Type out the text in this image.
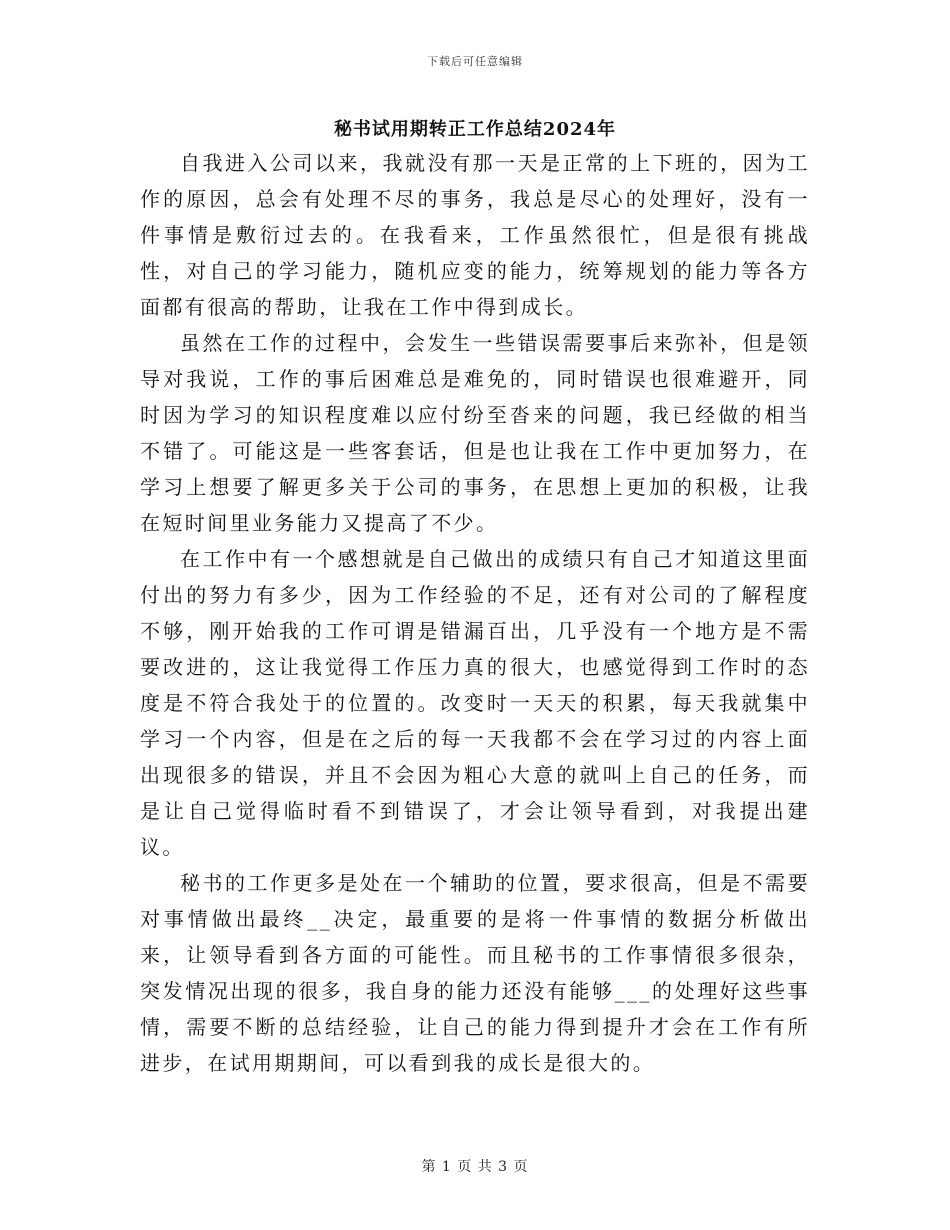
下载后可任意编辑
秘书试用期转正工作总结2024年

自我进入公司以来，我就没有那一天是正常的上下班的，因为工作的原因，总会有处理不尽的事务，我总是尽心的处理好，没有一件事情是敷衍过去的。在我看来，工作虽然很忙，但是很有挑战性，对自己的学习能力，随机应变的能力，统筹规划的能力等各方面都有很高的帮助，让我在工作中得到成长。

虽然在工作的过程中，会发生一些错误需要事后来弥补，但是领导对我说，工作的事后困难总是难免的，同时错误也很难避开，同时因为学习的知识程度难以应付纷至沓来的问题，我已经做的相当不错了。可能这是一些客套话，但是也让我在工作中更加努力，在学习上想要了解更多关于公司的事务，在思想上更加的积极，让我在短时间里业务能力又提高了不少。

在工作中有一个感想就是自己做出的成绩只有自己才知道这里面付出的努力有多少，因为工作经验的不足，还有对公司的了解程度不够，刚开始我的工作可谓是错漏百出，几乎没有一个地方是不需要改进的，这让我觉得工作压力真的很大，也感觉得到工作时的态度是不符合我处于的位置的。改变时一天天的积累，每天我就集中学习一个内容，但是在之后的每一天我都不会在学习过的内容上面出现很多的错误，并且不会因为粗心大意的就叫上自己的任务，而是让自己觉得临时看不到错误了，才会让领导看到，对我提出建议。

秘书的工作更多是处在一个辅助的位置，要求很高，但是不需要对事情做出最终__决定，最重要的是将一件事情的数据分析做出来，让领导看到各方面的可能性。而且秘书的工作事情很多很杂，突发情况出现的很多，我自身的能力还没有能够___的处理好这些事情，需要不断的总结经验，让自己的能力得到提升才会在工作有所进步，在试用期期间，可以看到我的成长是很大的。

第 1 页 共 3 页
